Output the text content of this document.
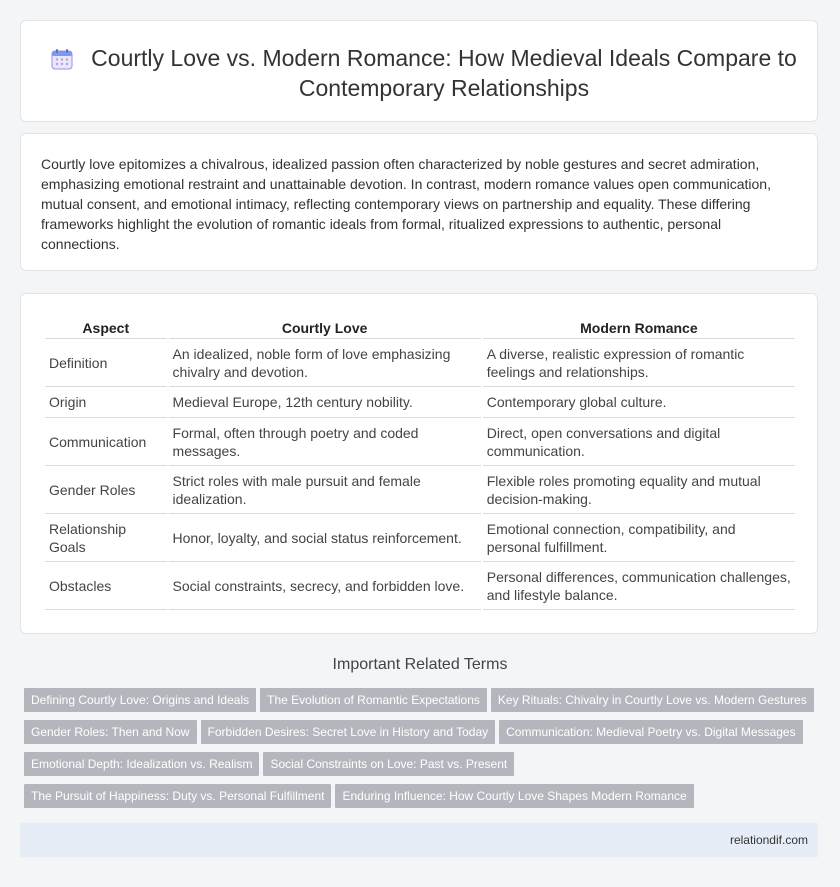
Courtly Love vs. Modern Romance: How Medieval Ideals Compare to Contemporary Relationships

Courtly love epitomizes a chivalrous, idealized passion often characterized by noble gestures and secret admiration, emphasizing emotional restraint and unattainable devotion. In contrast, modern romance values open communication, mutual consent, and emotional intimacy, reflecting contemporary views on partnership and equality. These differing frameworks highlight the evolution of romantic ideals from formal, ritualized expressions to authentic, personal connections.

Aspect	Courtly Love	Modern Romance
Definition	An idealized, noble form of love emphasizing chivalry and devotion.	A diverse, realistic expression of romantic feelings and relationships.
Origin	Medieval Europe, 12th century nobility.	Contemporary global culture.
Communication	Formal, often through poetry and coded messages.	Direct, open conversations and digital communication.
Gender Roles	Strict roles with male pursuit and female idealization.	Flexible roles promoting equality and mutual decision-making.
Relationship Goals	Honor, loyalty, and social status reinforcement.	Emotional connection, compatibility, and personal fulfillment.
Obstacles	Social constraints, secrecy, and forbidden love.	Personal differences, communication challenges, and lifestyle balance.
Important Related Terms
Defining Courtly Love: Origins and Ideals The Evolution of Romantic Expectations Key Rituals: Chivalry in Courtly Love vs. Modern Gestures
Gender Roles: Then and Now Forbidden Desires: Secret Love in History and Today Communication: Medieval Poetry vs. Digital Messages
Emotional Depth: Idealization vs. Realism Social Constraints on Love: Past vs. Present
The Pursuit of Happiness: Duty vs. Personal Fulfillment Enduring Influence: How Courtly Love Shapes Modern Romance
relationdif.com
